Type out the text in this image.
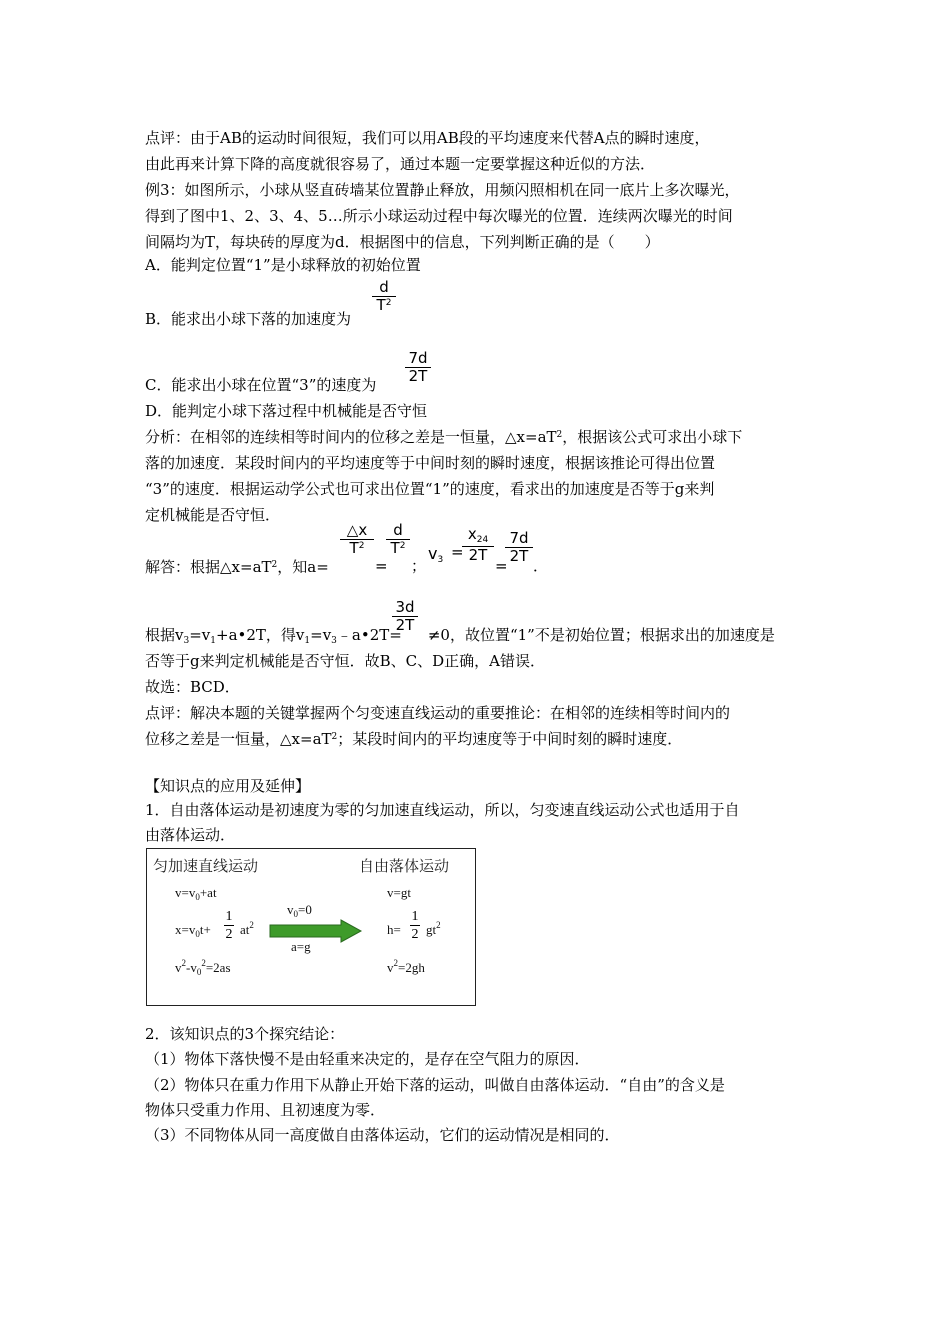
点评：由于AB的运动时间很短，我们可以用AB段的平均速度来代替A点的瞬时速度，
由此再来计算下降的高度就很容易了，通过本题一定要掌握这种近似的方法．
例3：如图所示，小球从竖直砖墙某位置静止释放，用频闪照相机在同一底片上多次曝光，
得到了图中1、2、3、4、5…所示小球运动过程中每次曝光的位置．连续两次曝光的时间
间隔均为T，每块砖的厚度为d．根据图中的信息，下列判断正确的是（　　）
A．能判定位置“1”是小球释放的初始位置
B．能求出小球下落的加速度为
d
$T^2$
C．能求出小球在位置“3”的速度为
7d
2T
D．能判定小球下落过程中机械能是否守恒
分析：在相邻的连续相等时间内的位移之差是一恒量，$\triangle x=aT^2$，根据该公式可求出小球下
落的加速度．某段时间内的平均速度等于中间时刻的瞬时速度，根据该推论可得出位置
“3”的速度．根据运动学公式也可求出位置“1”的速度，看求出的加速度是否等于g来判
定机械能是否守恒．
解答：根据$\triangle x=aT^2$，知a=
△x
$T^2$
=
d
$T^2$
；
$v_3$ =
$x_{24}$
2T
=
7d
2T
．
根据$v_3=v_1+a•2T$，得$v_1=v_3﹣a•2T= \ne 0$，故位置“1”不是初始位置；根据求出的加速度是
3d
2T
否等于g来判定机械能是否守恒．故B、C、D正确，A错误．
故选：BCD．
点评：解决本题的关键掌握两个匀变速直线运动的重要推论：在相邻的连续相等时间内的
位移之差是一恒量，$\triangle x=aT^2$；某段时间内的平均速度等于中间时刻的瞬时速度．
【知识点的应用及延伸】
1．自由落体运动是初速度为零的匀加速直线运动，所以，匀变速直线运动公式也适用于自
由落体运动．
匀加速直线运动	自由落体运动
$v=v_0+at$
$x=v_0t+$
1
2 $at^2$
$v^2-v_0^2=2as$
$v_0=0$
a=g
v=gt
h=
1
2 $gt^2$
$v^2=2gh$
2．该知识点的3个探究结论：
（1）物体下落快慢不是由轻重来决定的，是存在空气阻力的原因．
（2）物体只在重力作用下从静止开始下落的运动，叫做自由落体运动．“自由”的含义是
物体只受重力作用、且初速度为零．
（3）不同物体从同一高度做自由落体运动，它们的运动情况是相同的．
